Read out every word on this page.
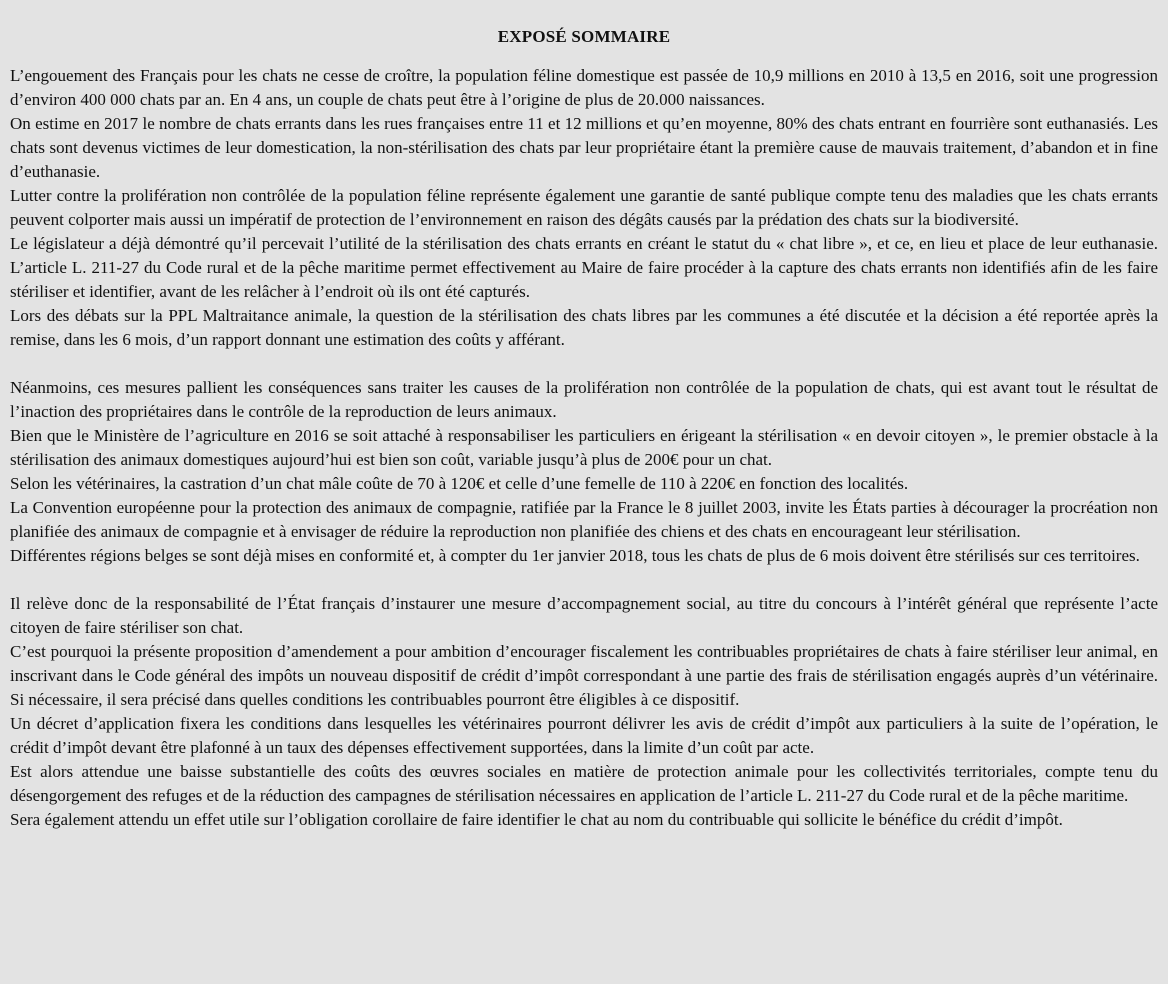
EXPOSÉ SOMMAIRE

L’engouement des Français pour les chats ne cesse de croître, la population féline domestique est passée de 10,9 millions en 2010 à 13,5 en 2016, soit une progression d’environ 400 000 chats par an. En 4 ans, un couple de chats peut être à l’origine de plus de 20.000 naissances.

On estime en 2017 le nombre de chats errants dans les rues françaises entre 11 et 12 millions et qu’en moyenne, 80% des chats entrant en fourrière sont euthanasiés. Les chats sont devenus victimes de leur domestication, la non-stérilisation des chats par leur propriétaire étant la première cause de mauvais traitement, d’abandon et in fine d’euthanasie.

Lutter contre la prolifération non contrôlée de la population féline représente également une garantie de santé publique compte tenu des maladies que les chats errants peuvent colporter mais aussi un impératif de protection de l’environnement en raison des dégâts causés par la prédation des chats sur la biodiversité.

Le législateur a déjà démontré qu’il percevait l’utilité de la stérilisation des chats errants en créant le statut du « chat libre », et ce, en lieu et place de leur euthanasie. L’article L. 211-27 du Code rural et de la pêche maritime permet effectivement au Maire de faire procéder à la capture des chats errants non identifiés afin de les faire stériliser et identifier, avant de les relâcher à l’endroit où ils ont été capturés.

Lors des débats sur la PPL Maltraitance animale, la question de la stérilisation des chats libres par les communes a été discutée et la décision a été reportée après la remise, dans les 6 mois, d’un rapport donnant une estimation des coûts y afférant.

Néanmoins, ces mesures pallient les conséquences sans traiter les causes de la prolifération non contrôlée de la population de chats, qui est avant tout le résultat de l’inaction des propriétaires dans le contrôle de la reproduction de leurs animaux.

Bien que le Ministère de l’agriculture en 2016 se soit attaché à responsabiliser les particuliers en érigeant la stérilisation « en devoir citoyen », le premier obstacle à la stérilisation des animaux domestiques aujourd’hui est bien son coût, variable jusqu’à plus de 200€ pour un chat.

Selon les vétérinaires, la castration d’un chat mâle coûte de 70 à 120€ et celle d’une femelle de 110 à 220€ en fonction des localités.

La Convention européenne pour la protection des animaux de compagnie, ratifiée par la France le 8 juillet 2003, invite les États parties à décourager la procréation non planifiée des animaux de compagnie et à envisager de réduire la reproduction non planifiée des chiens et des chats en encourageant leur stérilisation.

Différentes régions belges se sont déjà mises en conformité et, à compter du 1er janvier 2018, tous les chats de plus de 6 mois doivent être stérilisés sur ces territoires.

Il relève donc de la responsabilité de l’État français d’instaurer une mesure d’accompagnement social, au titre du concours à l’intérêt général que représente l’acte citoyen de faire stériliser son chat.

C’est pourquoi la présente proposition d’amendement a pour ambition d’encourager fiscalement les contribuables propriétaires de chats à faire stériliser leur animal, en inscrivant dans le Code général des impôts un nouveau dispositif de crédit d’impôt correspondant à une partie des frais de stérilisation engagés auprès d’un vétérinaire. Si nécessaire, il sera précisé dans quelles conditions les contribuables pourront être éligibles à ce dispositif.

Un décret d’application fixera les conditions dans lesquelles les vétérinaires pourront délivrer les avis de crédit d’impôt aux particuliers à la suite de l’opération, le crédit d’impôt devant être plafonné à un taux des dépenses effectivement supportées, dans la limite d’un coût par acte.

Est alors attendue une baisse substantielle des coûts des œuvres sociales en matière de protection animale pour les collectivités territoriales, compte tenu du désengorgement des refuges et de la réduction des campagnes de stérilisation nécessaires en application de l’article L. 211-27 du Code rural et de la pêche maritime.

Sera également attendu un effet utile sur l’obligation corollaire de faire identifier le chat au nom du contribuable qui sollicite le bénéfice du crédit d’impôt.
